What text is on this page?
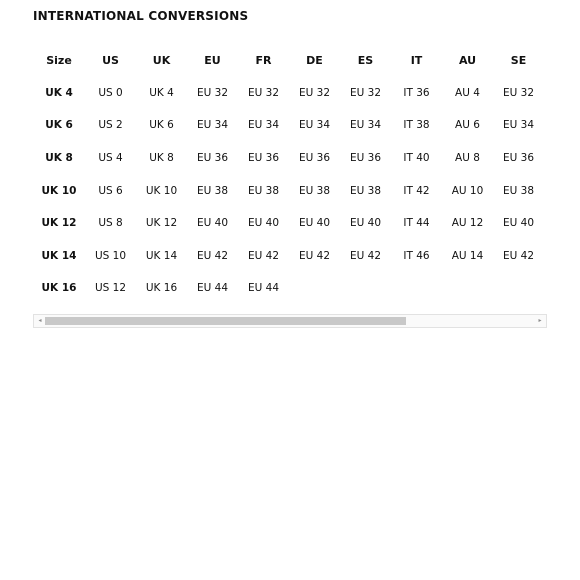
INTERNATIONAL CONVERSIONS
Size	US	UK	EU	FR	DE	ES	IT	AU	SE
UK 4	US 0	UK 4	EU 32	EU 32	EU 32	EU 32	IT 36	AU 4	EU 32
UK 6	US 2	UK 6	EU 34	EU 34	EU 34	EU 34	IT 38	AU 6	EU 34
UK 8	US 4	UK 8	EU 36	EU 36	EU 36	EU 36	IT 40	AU 8	EU 36
UK 10	US 6	UK 10	EU 38	EU 38	EU 38	EU 38	IT 42	AU 10	EU 38
UK 12	US 8	UK 12	EU 40	EU 40	EU 40	EU 40	IT 44	AU 12	EU 40
UK 14	US 10	UK 14	EU 42	EU 42	EU 42	EU 42	IT 46	AU 14	EU 42
UK 16	US 12	UK 16	EU 44	EU 44					
◂	▸
